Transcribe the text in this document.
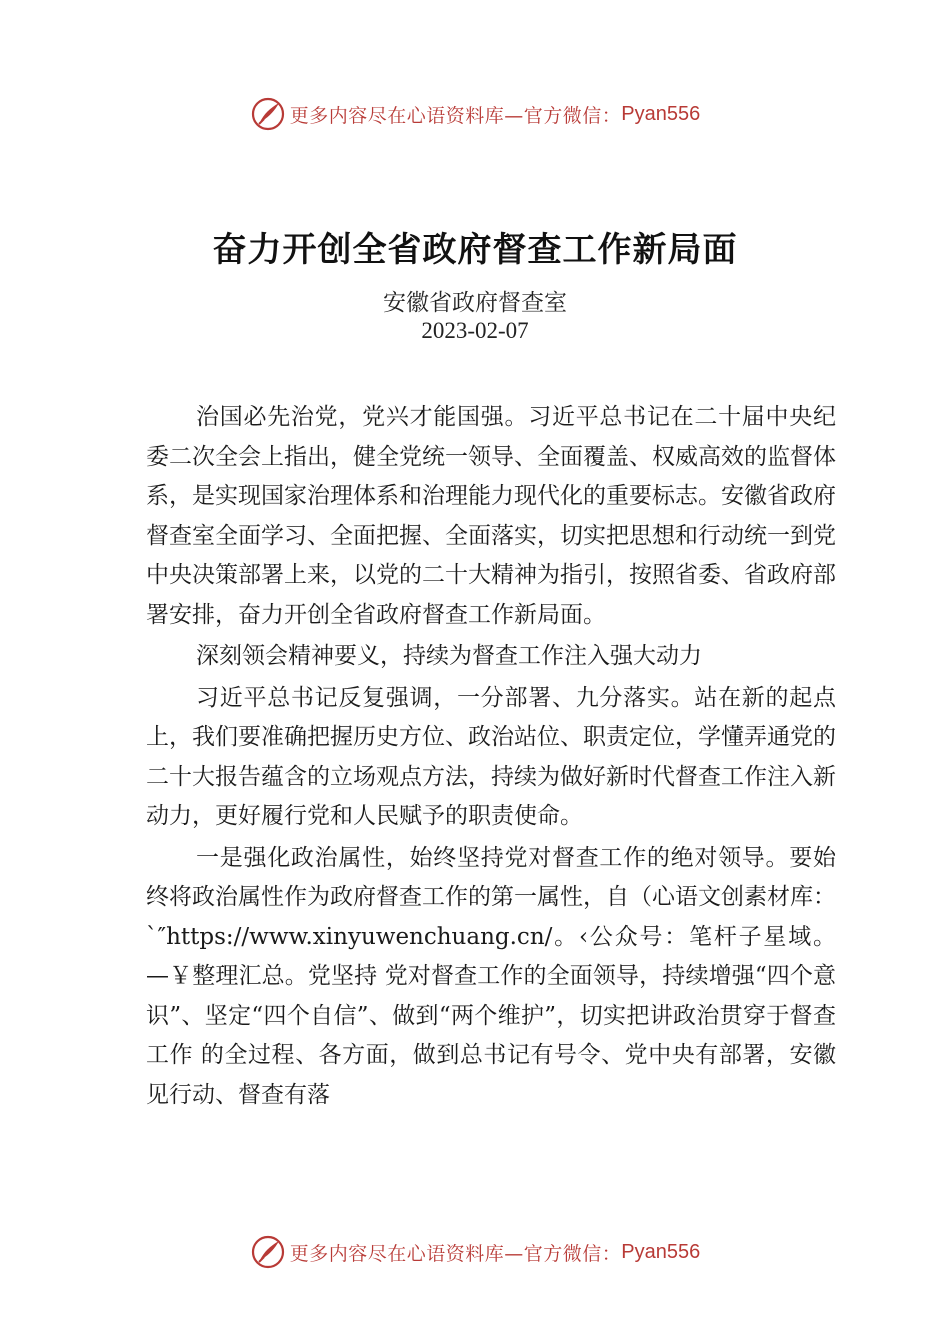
更多内容尽在心语资料库—官方微信： Pyan556
奋力开创全省政府督查工作新局面
安徽省政府督查室
2023-02-07

治国必先治党，党兴才能国强。习近平总书记在二十届中央纪委二次全会上指出，健全党统一领导、全面覆盖、权威高效的监督体系，是实现国家治理体系和治理能力现代化的重要标志。安徽省政府督查室全面学习、全面把握、全面落实，切实把思想和行动统一到党中央决策部署上来，以党的二十大精神为指引，按照省委、省政府部署安排，奋力开创全省政府督查工作新局面。

深刻领会精神要义，持续为督查工作注入强大动力

习近平总书记反复强调，一分部署、九分落实。站在新的起点上，我们要准确把握历史方位、政治站位、职责定位，学懂弄通党的二十大报告蕴含的立场观点方法，持续为做好新时代督查工作注入新动力，更好履行党和人民赋予的职责使命。

一是强化政治属性，始终坚持党对督查工作的绝对领导。要始终将政治属性作为政府督查工作的第一属性，自（心语文创素材库：`″https://www.xinyuwenchuang.cn/。‹公众号：笔杆子星域。—￥整理汇总。党坚持 党对督查工作的全面领导，持续增强“四个意识”、坚定“四个自信”、做到“两个维护”，切实把讲政治贯穿于督查工作 的全过程、各方面，做到总书记有号令、党中央有部署，安徽见行动、督查有落

更多内容尽在心语资料库—官方微信： Pyan556
